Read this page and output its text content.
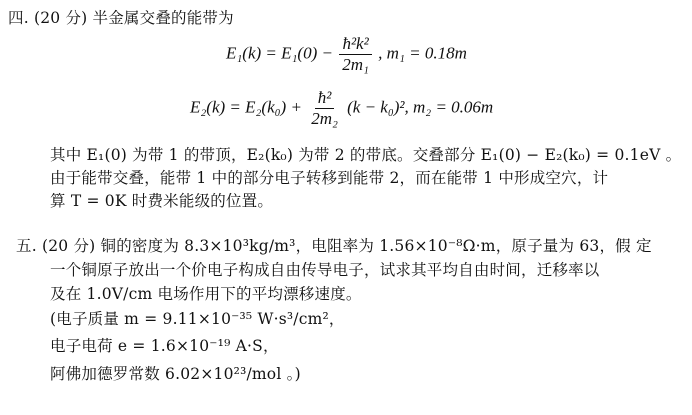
四. (20 分) 半金属交叠的能带为
$E_1(k) = E_1(0) - \frac{\text{ħ²k²}}{\text{2m₁}}$ , m₁ = 0.18m
$E_2(k) = E_2(k_0) + \frac{\text{ħ²}}{\text{2m₂}} (k - k_0)^2$, m₂ = 0.06m
其中 E₁(0) 为带 1 的带顶，E₂(k₀) 为带 2 的带底。交叠部分 E₁(0) − E₂(k₀) = 0.1eV 。
由于能带交叠，能带 1 中的部分电子转移到能带 2，而在能带 1 中形成空穴，计
算 T = 0K 时费米能级的位置。
五. (20 分) 铜的密度为 8.3×10³kg/m³，电阻率为 1.56×10⁻⁸Ω·m，原子量为 63，假 定
一个铜原子放出一个价电子构成自由传导电子，试求其平均自由时间，迁移率以
及在 1.0V/cm 电场作用下的平均漂移速度。
(电子质量 m = 9.11×10⁻³⁵ W·s³/cm²，
电子电荷 e = 1.6×10⁻¹⁹ A·S，
阿佛加德罗常数 6.02×10²³/mol 。)
